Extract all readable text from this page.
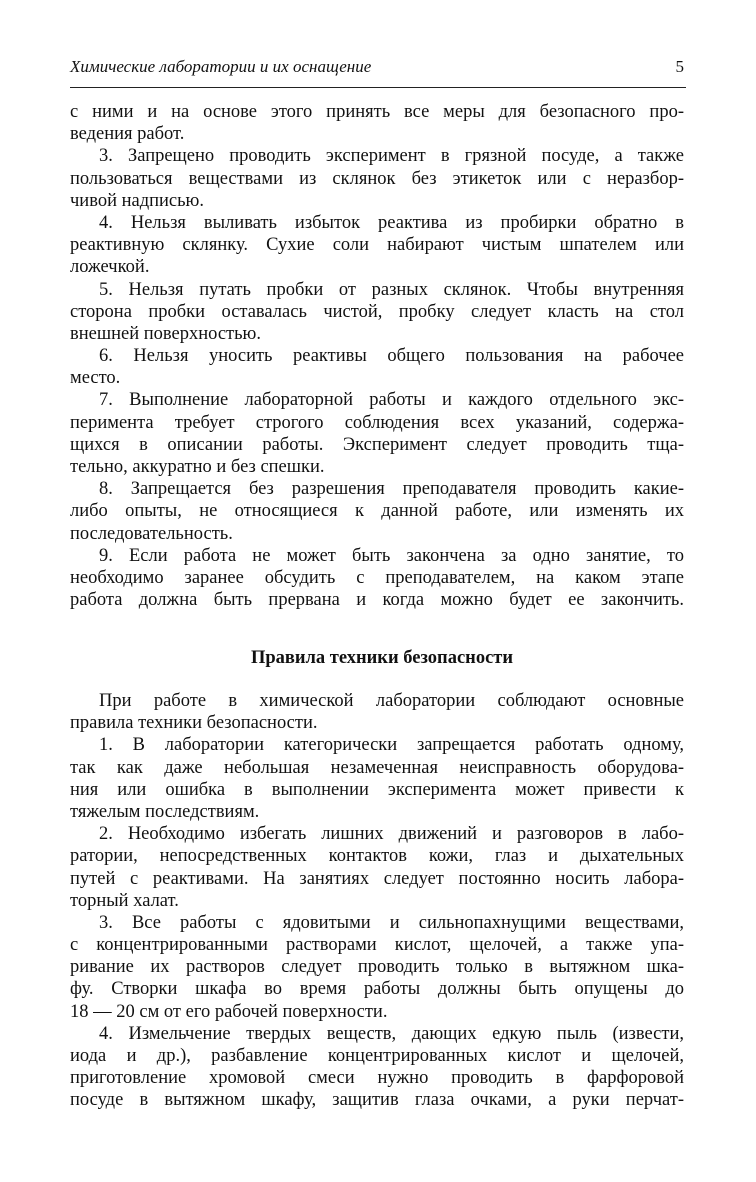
Химические лаборатории и их оснащение	5
с ними и на основе этого принять все меры для безопасного про-
ведения работ.
3. Запрещено проводить эксперимент в грязной посуде, а также
пользоваться веществами из склянок без этикеток или с неразбор-
чивой надписью.
4. Нельзя выливать избыток реактива из пробирки обратно в
реактивную склянку. Сухие соли набирают чистым шпателем или
ложечкой.
5. Нельзя путать пробки от разных склянок. Чтобы внутренняя
сторона пробки оставалась чистой, пробку следует класть на стол
внешней поверхностью.
6. Нельзя уносить реактивы общего пользования на рабочее
место.
7. Выполнение лабораторной работы и каждого отдельного экс-
перимента требует строгого соблюдения всех указаний, содержа-
щихся в описании работы. Эксперимент следует проводить тща-
тельно, аккуратно и без спешки.
8. Запрещается без разрешения преподавателя проводить какие-
либо опыты, не относящиеся к данной работе, или изменять их
последовательность.
9. Если работа не может быть закончена за одно занятие, то
необходимо заранее обсудить с преподавателем, на каком этапе
работа должна быть прервана и когда можно будет ее закончить.
Правила техники безопасности
При работе в химической лаборатории соблюдают основные
правила техники безопасности.
1. В лаборатории категорически запрещается работать одному,
так как даже небольшая незамеченная неисправность оборудова-
ния или ошибка в выполнении эксперимента может привести к
тяжелым последствиям.
2. Необходимо избегать лишних движений и разговоров в лабо-
ратории, непосредственных контактов кожи, глаз и дыхательных
путей с реактивами. На занятиях следует постоянно носить лабора-
торный халат.
3. Все работы с ядовитыми и сильнопахнущими веществами,
с концентрированными растворами кислот, щелочей, а также упа-
ривание их растворов следует проводить только в вытяжном шка-
фу. Створки шкафа во время работы должны быть опущены до
18 — 20 см от его рабочей поверхности.
4. Измельчение твердых веществ, дающих едкую пыль (извести,
иода и др.), разбавление концентрированных кислот и щелочей,
приготовление хромовой смеси нужно проводить в фарфоровой
посуде в вытяжном шкафу, защитив глаза очками, а руки перчат-
